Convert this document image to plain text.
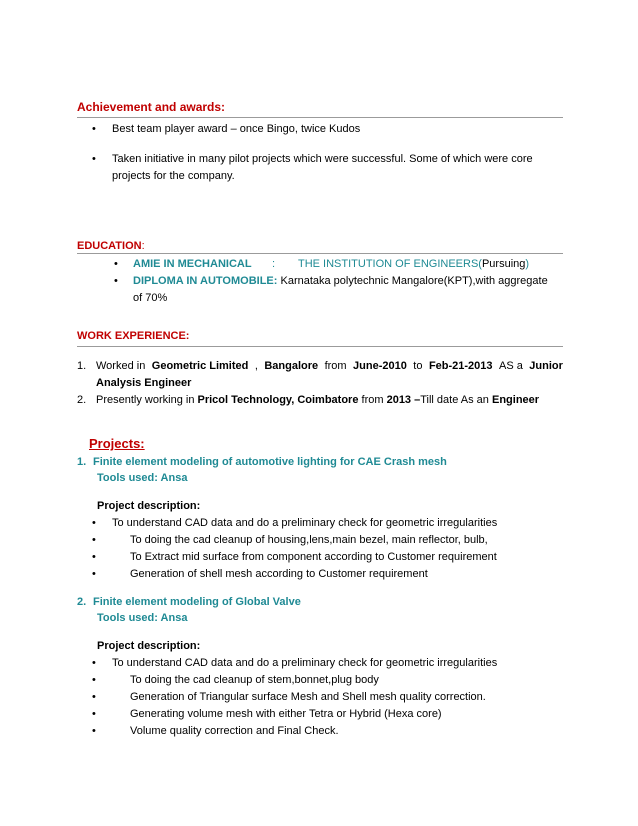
Achievement and awards:
•	Best team player award – once Bingo, twice Kudos
•	Taken initiative in many pilot projects which were successful. Some of which were core
projects for the company.
EDUCATION:
•	AMIE IN MECHANICAL	:	THE INSTITUTION OF ENGINEERS ( Pursuing )
•	DIPLOMA IN AUTOMOBILE:
Karnataka polytechnic Mangalore(KPT),with aggregate
of 70%
WORK EXPERIENCE:
1. Worked in Geometric Limited , Bangalore from June-2010 to Feb-21-2013 AS a Junior
Analysis Engineer
2. Presently working in Pricol Technology, Coimbatore from 2013 –Till date As an Engineer
Projects:
1. Finite element modeling of automotive lighting for CAE Crash mesh
Tools used: Ansa
Project description:
•	To understand CAD data and do a preliminary check for geometric irregularities
•	To doing the cad cleanup of housing,lens,main bezel, main reflector, bulb,
•	To Extract mid surface from component according to Customer requirement
•	Generation of shell mesh according to Customer requirement
2. Finite element modeling of Global Valve
Tools used: Ansa
Project description:
•	To understand CAD data and do a preliminary check for geometric irregularities
•	To doing the cad cleanup of stem,bonnet,plug body
•	Generation of Triangular surface Mesh and Shell mesh quality correction.
•	Generating volume mesh with either Tetra or Hybrid (Hexa core)
•	Volume quality correction and Final Check.
